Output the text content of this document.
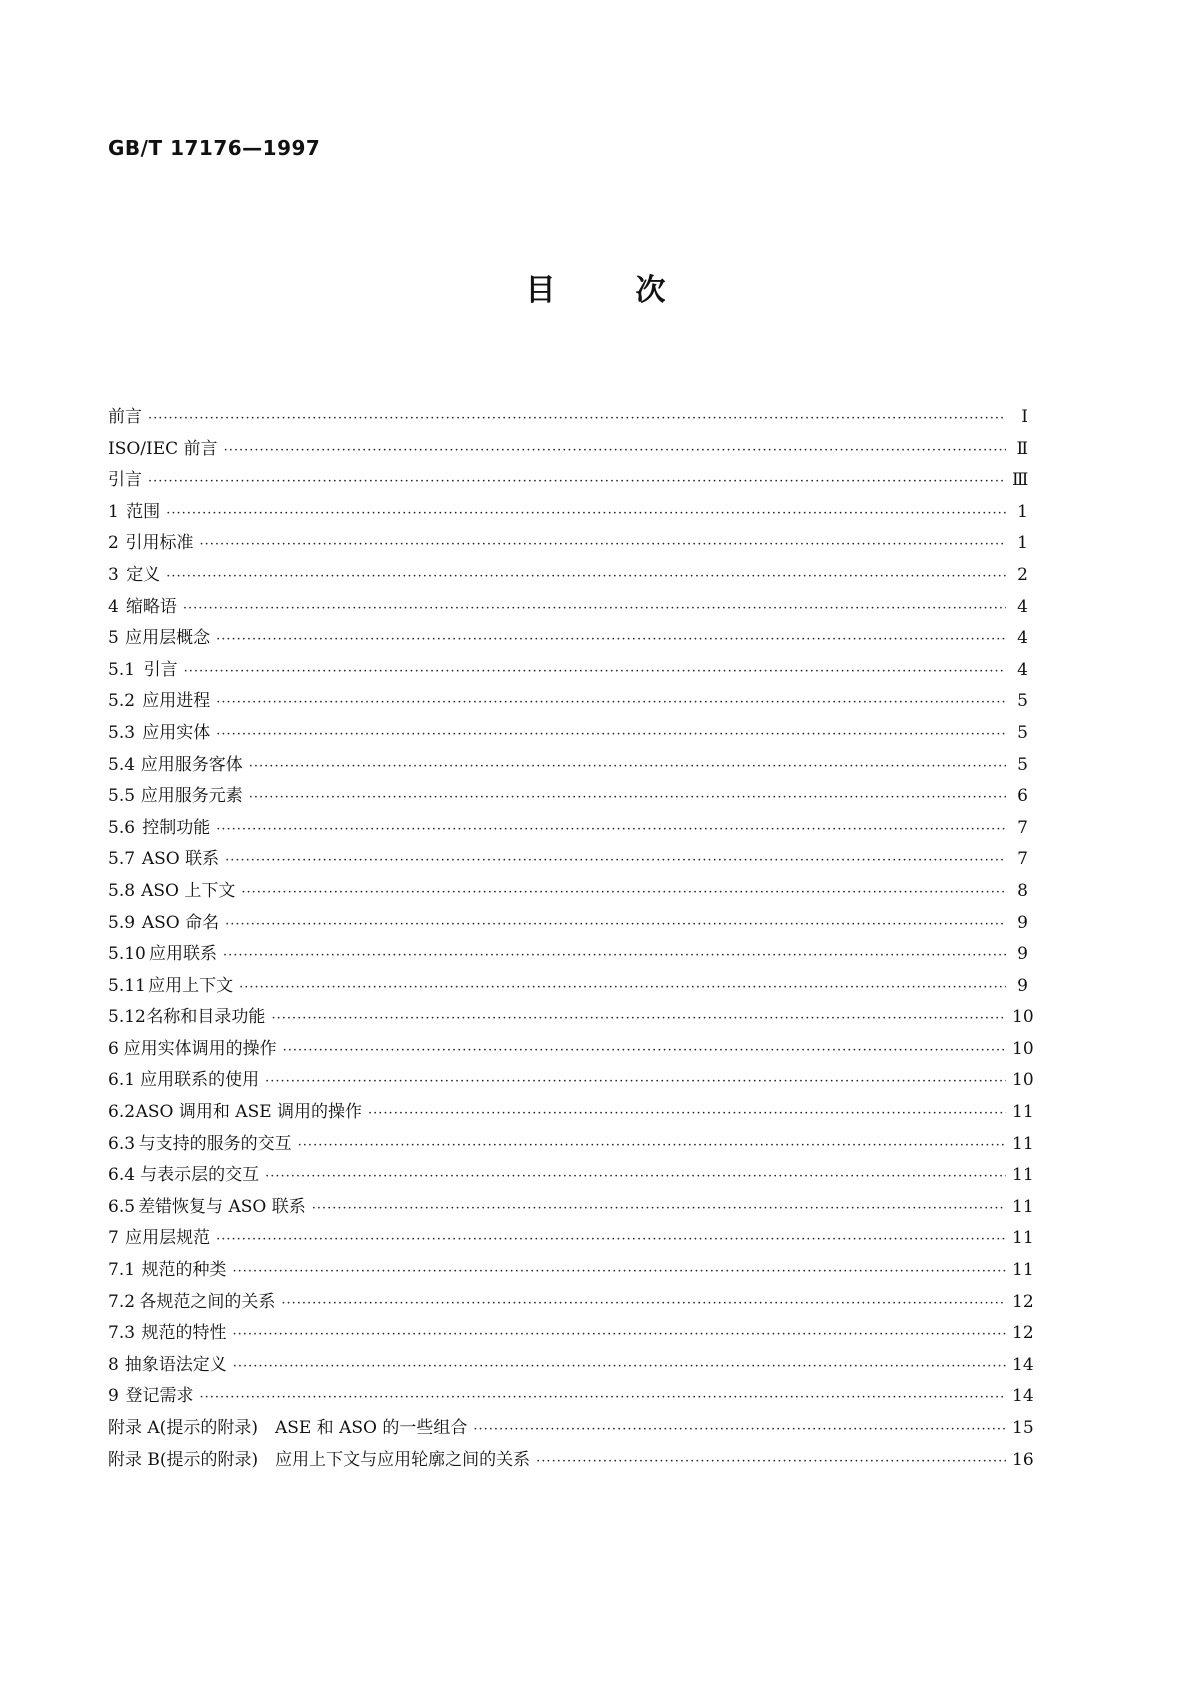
GB/T 17176—1997
目	次
前言 ·····	Ⅰ
ISO/IEC 前言 ·····	Ⅱ
引言 ·····	Ⅲ
1 范围 ·····	1
2 引用标准 ·····	1
3 定义 ·····	2
4 缩略语 ·····	4
5 应用层概念 ·····	4
5.1 引言 ·····	4
5.2 应用进程 ·····	5
5.3 应用实体 ·····	5
5.4 应用服务客体 ·····	5
5.5 应用服务元素 ·····	6
5.6 控制功能 ·····	7
5.7 ASO 联系 ·····	7
5.8 ASO 上下文 ·····	8
5.9 ASO 命名 ·····	9
5.10 应用联系 ·····	9
5.11 应用上下文 ·····	9
5.12 名称和目录功能 ·····	10
6 应用实体调用的操作 ·····	10
6.1 应用联系的使用 ·····	10
6.2 ASO 调用和 ASE 调用的操作 ·····	11
6.3 与支持的服务的交互 ·····	11
6.4 与表示层的交互 ·····	11
6.5 差错恢复与 ASO 联系 ·····	11
7 应用层规范 ·····	11
7.1 规范的种类 ·····	11
7.2 各规范之间的关系 ·····	12
7.3 规范的特性 ·····	12
8 抽象语法定义 ·····	14
9 登记需求 ·····	14
附录 A(提示的附录)　ASE 和 ASO 的一些组合 ·····	15
附录 B(提示的附录)　应用上下文与应用轮廓之间的关系 ·····	16
